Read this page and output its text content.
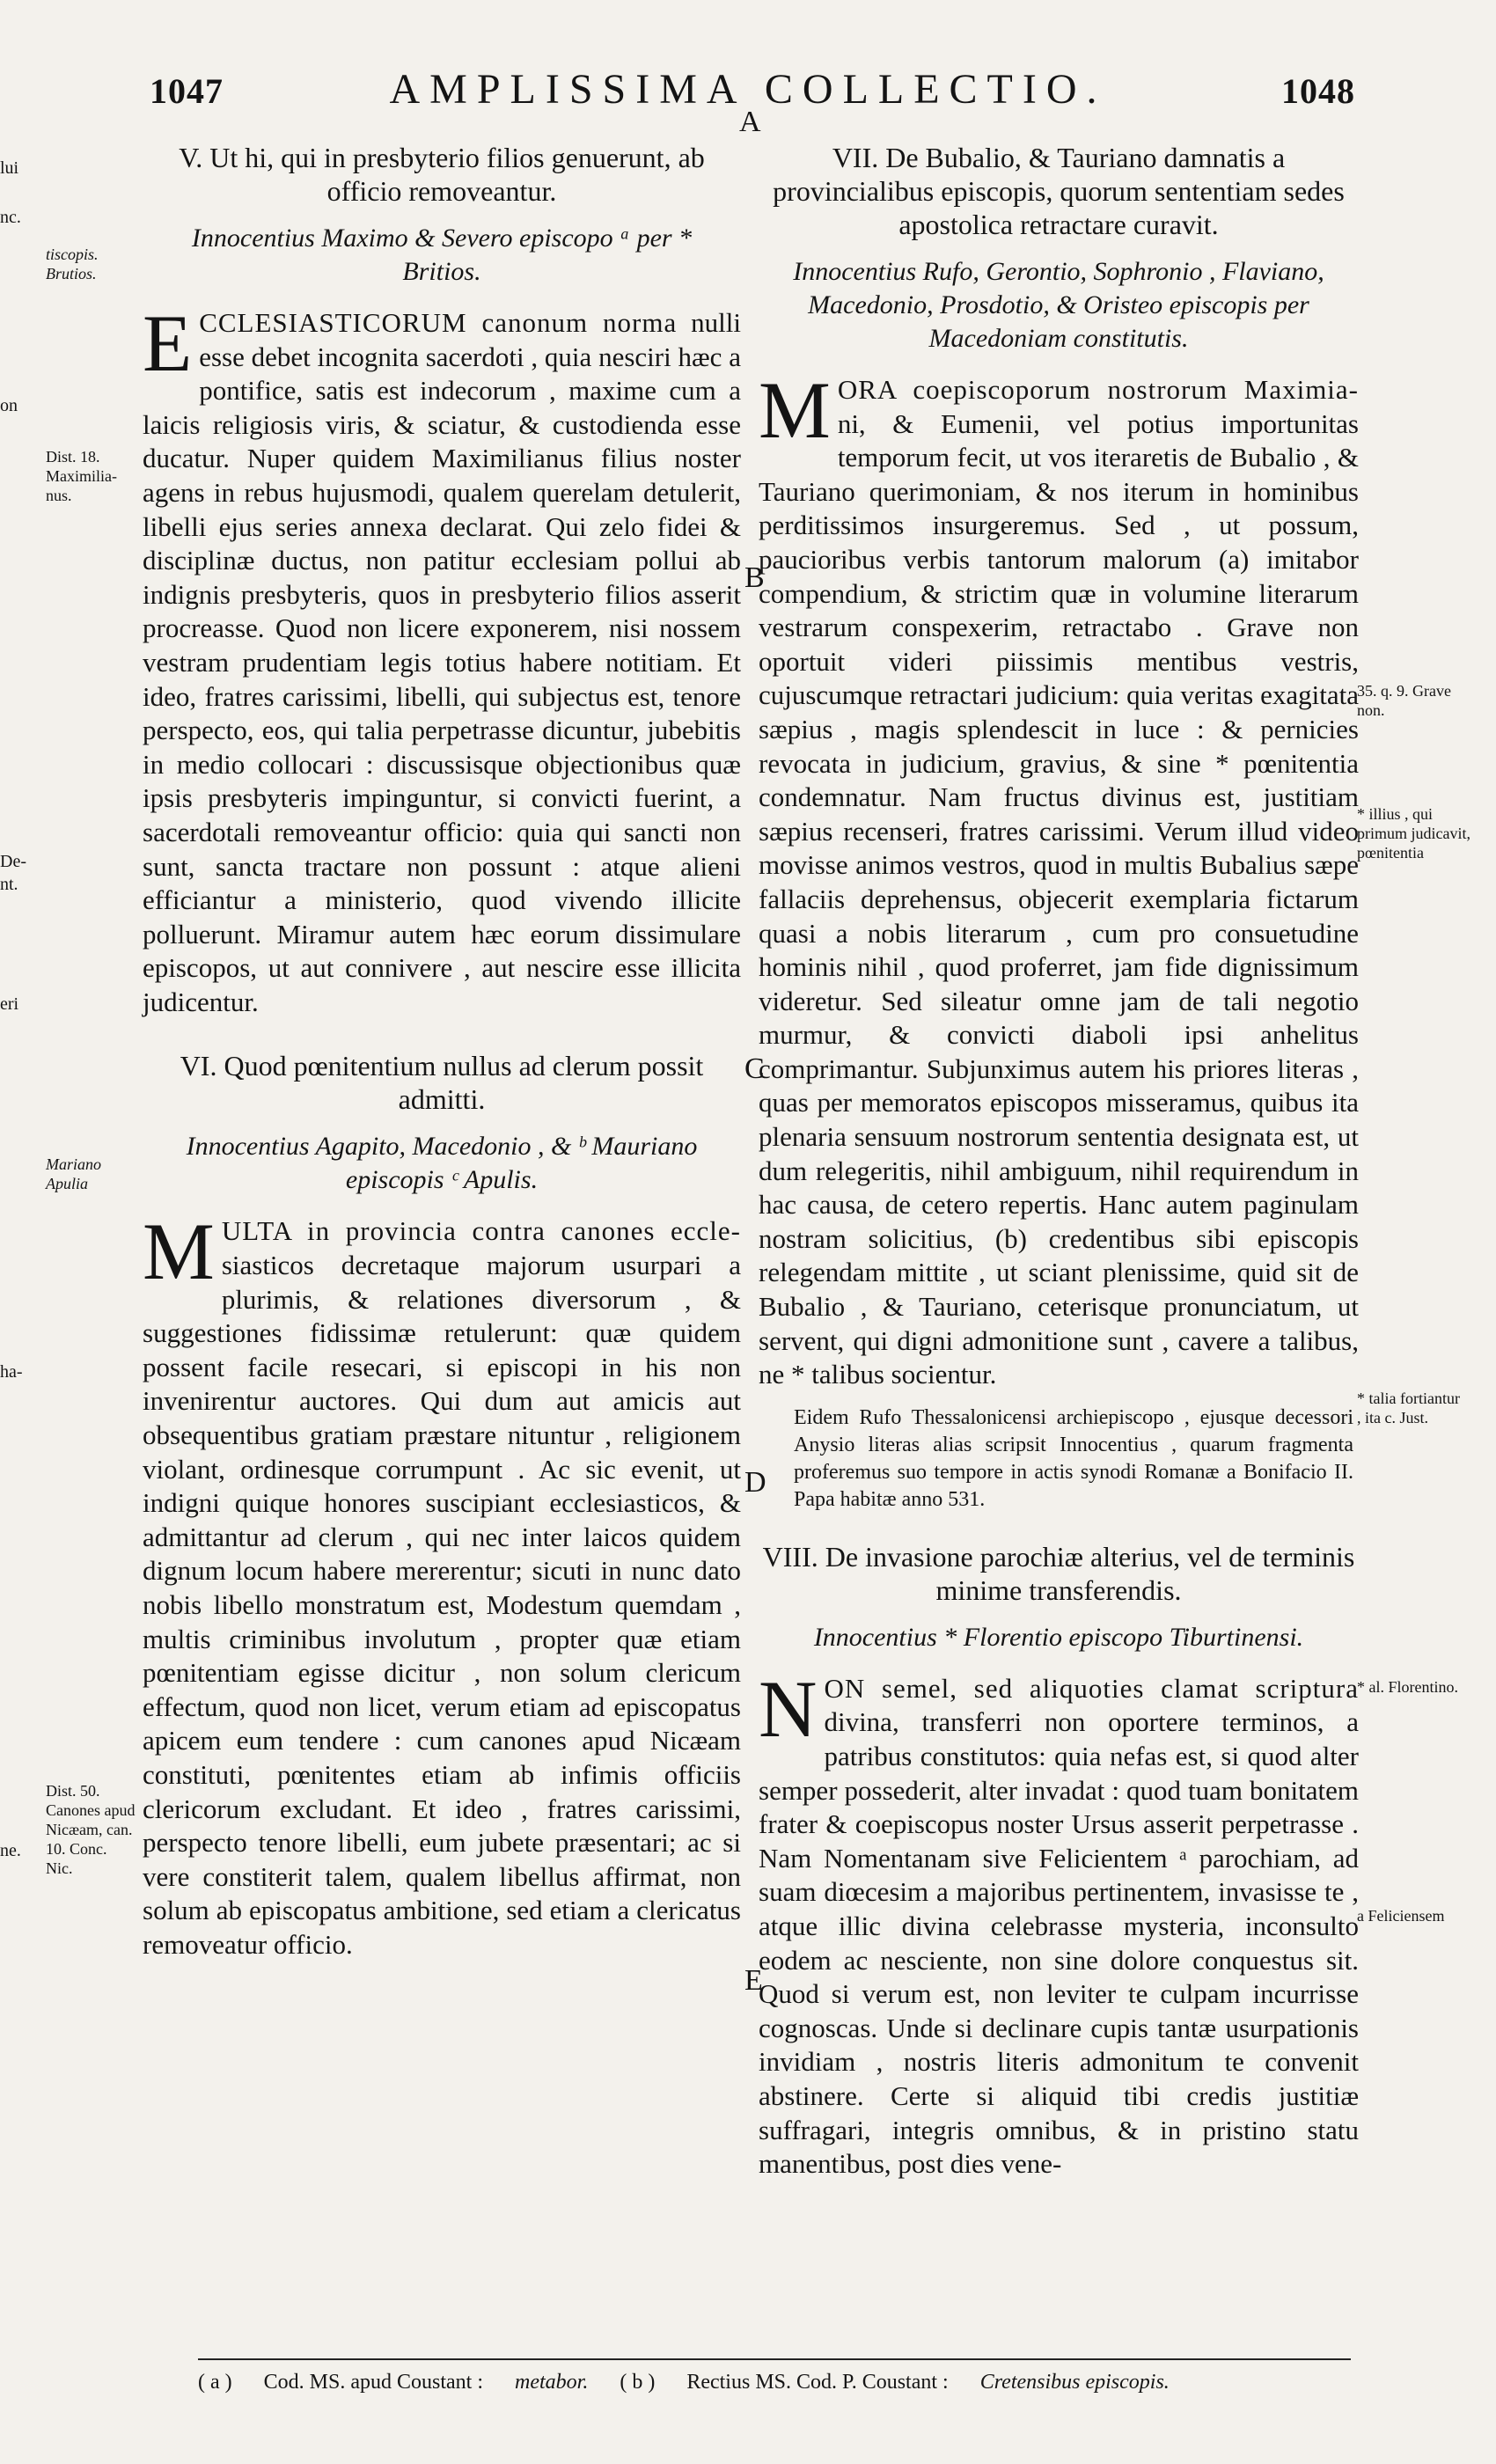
1047	AMPLISSIMA COLLECTIO.	1048
A
lui
nc.
on
De-
nt.
eri
ha-
ne.
tiscopis.
Brutios.
Dist. 18. Maximilia-nus.
Mariano
Apulia
Dist. 50. Canones apud Nicæam, can. 10. Conc. Nic.
35. q. 9. Grave non.
* illius , qui primum judicavit, pœnitentia
* talia fortiantur , ita c. Just.
* al. Florentino.
a Feliciensem
B
C
D
E
V. Ut hi, qui in presbyterio filios genuerunt, ab officio removeantur.
Innocentius Maximo & Severo episcopo ᵃ per * Britios.

E CCLESIASTICORUM canonum norma nulli esse debet incognita sacerdoti , quia nesciri hæc a pontifice, satis est indecorum , maxime cum a laicis religiosis viris, & sciatur, & custodienda esse ducatur. Nuper quidem Maximilianus filius noster agens in rebus hujusmodi, qualem querelam detulerit, libelli ejus series annexa declarat. Qui zelo fidei & disciplinæ ductus, non patitur ecclesiam pollui ab indignis presbyteris, quos in presbyterio filios asserit procreasse. Quod non licere exponerem, nisi nossem vestram prudentiam legis totius habere notitiam. Et ideo, fratres carissimi, libelli, qui subjectus est, tenore perspecto, eos, qui talia perpetrasse dicuntur, jubebitis in medio collocari : discussisque objectionibus quæ ipsis presbyteris impinguntur, si convicti fuerint, a sacerdotali removeantur officio: quia qui sancti non sunt, sancta tractare non possunt : atque alieni efficiantur a ministerio, quod vivendo illicite polluerunt. Miramur autem hæc eorum dissimulare episcopos, ut aut connivere , aut nescire esse illicita judicentur.

VI. Quod pœnitentium nullus ad clerum possit admitti.
Innocentius Agapito, Macedonio , & ᵇ Mauriano episcopis ᶜ Apulis.

M ULTA in provincia contra canones eccle- siasticos decretaque majorum usurpari a plurimis, & relationes diversorum , & suggestiones fidissimæ retulerunt: quæ quidem possent facile resecari, si episcopi in his non invenirentur auctores. Qui dum aut amicis aut obsequentibus gratiam præstare nituntur , religionem violant, ordinesque corrumpunt . Ac sic evenit, ut indigni quique honores suscipiant ecclesiasticos, & admittantur ad clerum , qui nec inter laicos quidem dignum locum habere mererentur; sicuti in nunc dato nobis libello monstratum est, Modestum quemdam , multis criminibus involutum , propter quæ etiam pœnitentiam egisse dicitur , non solum clericum effectum, quod non licet, verum etiam ad episcopatus apicem eum tendere : cum canones apud Nicæam constituti, pœnitentes etiam ab infimis officiis clericorum excludant. Et ideo , fratres carissimi, perspecto tenore libelli, eum jubete præsentari; ac si vere constiterit talem, qualem libellus affirmat, non solum ab episcopatus ambitione, sed etiam a clericatus removeatur officio.

VII. De Bubalio, & Tauriano damnatis a provincialibus episcopis, quorum sententiam sedes apostolica retractare curavit.
Innocentius Rufo, Gerontio, Sophronio , Flaviano, Macedonio, Prosdotio, & Oristeo episcopis per Macedoniam constitutis.

M ORA coepiscoporum nostrorum Maximia- ni, & Eumenii, vel potius importunitas temporum fecit, ut vos iteraretis de Bubalio , & Tauriano querimoniam, & nos iterum in hominibus perditissimos insurgeremus. Sed , ut possum, paucioribus verbis tantorum malorum (a) imitabor compendium, & strictim quæ in volumine literarum vestrarum conspexerim, retractabo . Grave non oportuit videri piissimis mentibus vestris, cujuscumque retractari judicium: quia veritas exagitata sæpius , magis splendescit in luce : & pernicies revocata in judicium, gravius, & sine * pœnitentia condemnatur. Nam fructus divinus est, justitiam sæpius recenseri, fratres carissimi. Verum illud video movisse animos vestros, quod in multis Bubalius sæpe fallaciis deprehensus, objecerit exemplaria fictarum quasi a nobis literarum , cum pro consuetudine hominis nihil , quod proferret, jam fide dignissimum videretur. Sed sileatur omne jam de tali negotio murmur, & convicti diaboli ipsi anhelitus comprimantur. Subjunximus autem his priores literas , quas per memoratos episcopos misseramus, quibus ita plenaria sensuum nostrorum sententia designata est, ut dum relegeritis, nihil ambiguum, nihil requirendum in hac causa, de cetero repertis. Hanc autem paginulam nostram solicitius, (b) credentibus sibi episcopis relegendam mittite , ut sciant plenissime, quid sit de Bubalio , & Tauriano, ceterisque pronunciatum, ut servent, qui digni admonitione sunt , cavere a talibus, ne * talibus socientur.

Eidem Rufo Thessalonicensi archiepiscopo , ejusque decessori Anysio literas alias scripsit Innocentius , quarum fragmenta proferemus suo tempore in actis synodi Romanæ a Bonifacio II. Papa habitæ anno 531.
VIII. De invasione parochiæ alterius, vel de terminis minime transferendis.
Innocentius * Florentio episcopo Tiburtinensi.

N ON semel, sed aliquoties clamat scriptura divina, transferri non oportere terminos, a patribus constitutos: quia nefas est, si quod alter semper possederit, alter invadat : quod tuam bonitatem frater & coepiscopus noster Ursus asserit perpetrasse . Nam Nomentanam sive Felicientem ᵃ parochiam, ad suam diœcesim a majoribus pertinentem, invasisse te , atque illic divina celebrasse mysteria, inconsulto eodem ac nesciente, non sine dolore conquestus sit. Quod si verum est, non leviter te culpam incurrisse cognoscas. Unde si declinare cupis tantæ usurpationis invidiam , nostris literis admonitum te convenit abstinere. Certe si aliquid tibi credis justitiæ suffragari, integris omnibus, & in pristino statu manentibus, post dies vene-

( a ) Cod. MS. apud Coustant : metabor. ( b ) Rectius MS. Cod. P. Coustant : Cretensibus episcopis.
